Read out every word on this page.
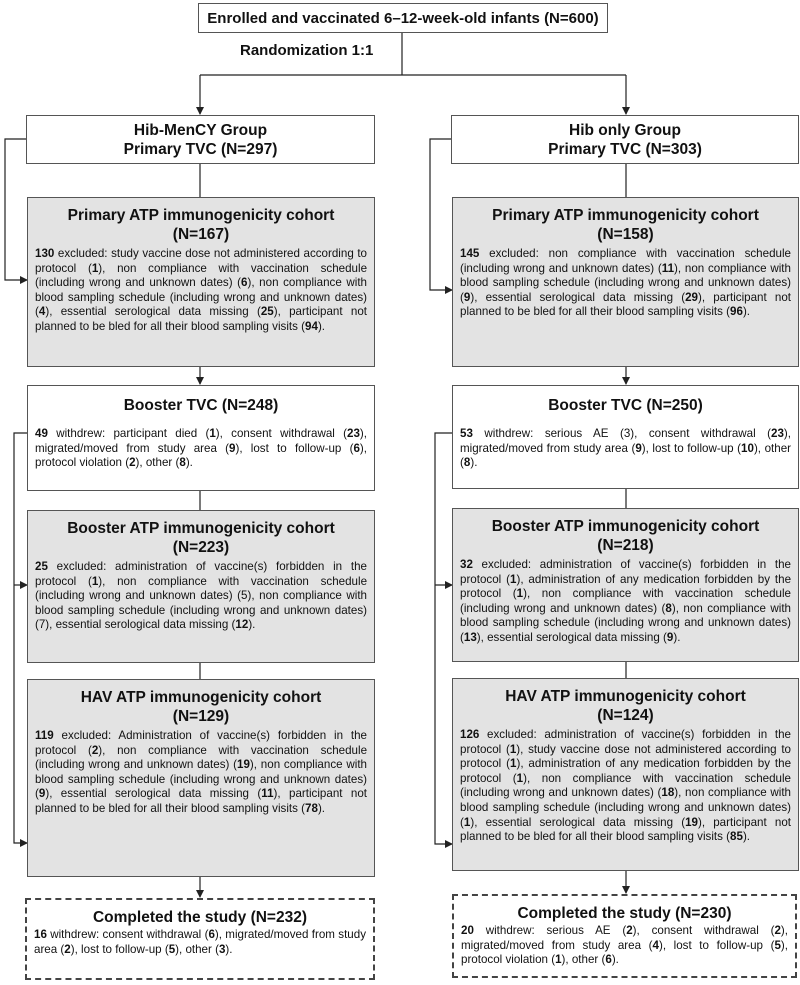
Enrolled and vaccinated 6–12-week-old infants (N=600)
Randomization 1:1
Hib-MenCY Group
Primary TVC (N=297)
Primary ATP immunogenicity cohort
(N=167)
130 excluded: study vaccine dose not administered according to protocol (1), non compliance with vaccination schedule (including wrong and unknown dates) (6), non compliance with blood sampling schedule (including wrong and unknown dates) (4), essential serological data missing (25), participant not planned to be bled for all their blood sampling visits (94).
Booster TVC (N=248)
49 withdrew: participant died (1), consent withdrawal (23), migrated/moved from study area (9), lost to follow-up (6), protocol violation (2), other (8).
Booster ATP immunogenicity cohort
(N=223)
25 excluded: administration of vaccine(s) forbidden in the protocol (1), non compliance with vaccination schedule (including wrong and unknown dates) (5), non compliance with blood sampling schedule (including wrong and unknown dates) (7), essential serological data missing (12).
HAV ATP immunogenicity cohort
(N=129)
119 excluded: Administration of vaccine(s) forbidden in the protocol (2), non compliance with vaccination schedule (including wrong and unknown dates) (19), non compliance with blood sampling schedule (including wrong and unknown dates) (9), essential serological data missing (11), participant not planned to be bled for all their blood sampling visits (78).
Completed the study (N=232)
16 withdrew: consent withdrawal (6), migrated/moved from study area (2), lost to follow-up (5), other (3).
Hib only Group
Primary TVC (N=303)
Primary ATP immunogenicity cohort
(N=158)
145 excluded: non compliance with vaccination schedule (including wrong and unknown dates) (11), non compliance with blood sampling schedule (including wrong and unknown dates) (9), essential serological data missing (29), participant not planned to be bled for all their blood sampling visits (96).
Booster TVC (N=250)
53 withdrew: serious AE (3), consent withdrawal (23), migrated/moved from study area (9), lost to follow-up (10), other (8).
Booster ATP immunogenicity cohort
(N=218)
32 excluded: administration of vaccine(s) forbidden in the protocol (1), administration of any medication forbidden by the protocol (1), non compliance with vaccination schedule (including wrong and unknown dates) (8), non compliance with blood sampling schedule (including wrong and unknown dates) (13), essential serological data missing (9).
HAV ATP immunogenicity cohort
(N=124)
126 excluded: administration of vaccine(s) forbidden in the protocol (1), study vaccine dose not administered according to protocol (1), administration of any medication forbidden by the protocol (1), non compliance with vaccination schedule (including wrong and unknown dates) (18), non compliance with blood sampling schedule (including wrong and unknown dates) (1), essential serological data missing (19), participant not planned to be bled for all their blood sampling visits (85).
Completed the study (N=230)
20 withdrew: serious AE (2), consent withdrawal (2), migrated/moved from study area (4), lost to follow-up (5), protocol violation (1), other (6).
